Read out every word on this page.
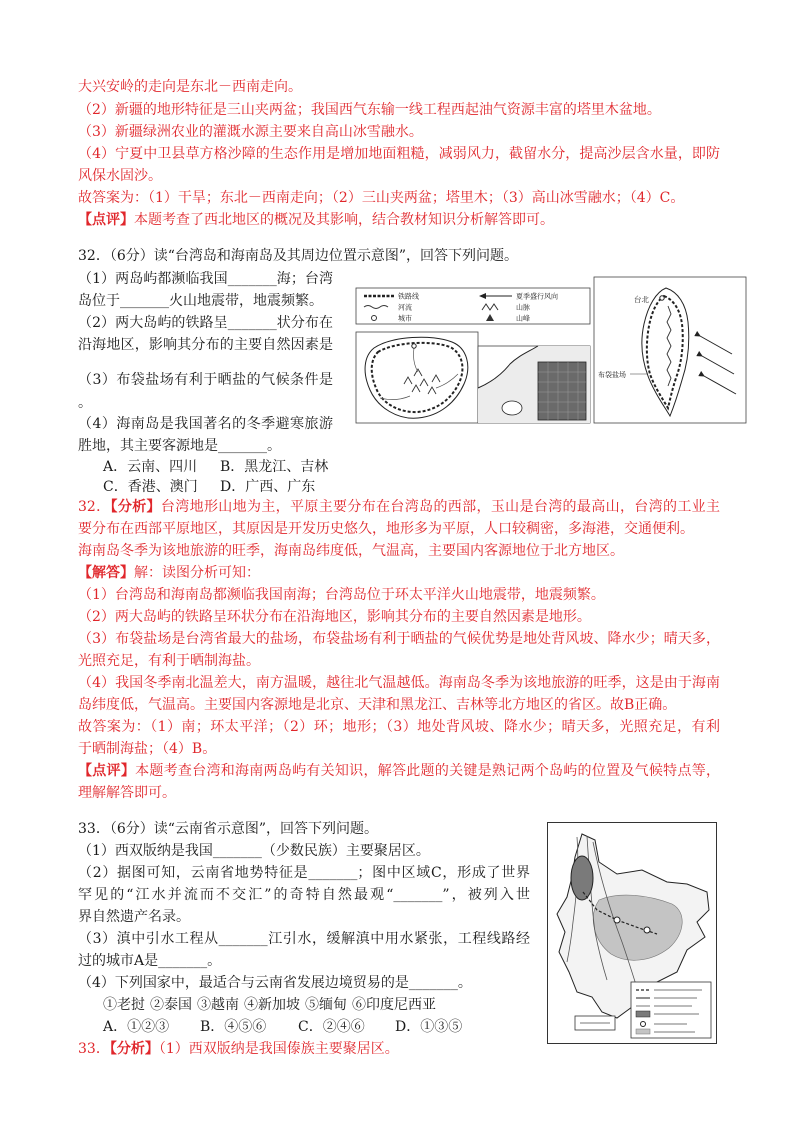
大兴安岭的走向是东北－西南走向。
（2）新疆的地形特征是三山夹两盆；我国西气东输一线工程西起油气资源丰富的塔里木盆地。
（3）新疆绿洲农业的灌溉水源主要来自高山冰雪融水。
（4）宁夏中卫县草方格沙障的生态作用是增加地面粗糙，减弱风力，截留水分，提高沙层含水量，即防
风保水固沙。
故答案为：（1）干旱；东北－西南走向；（2）三山夹两盆；塔里木；（3）高山冰雪融水；（4）C。
【点评】本题考查了西北地区的概况及其影响，结合教材知识分析解答即可。
32．（6分）读“台湾岛和海南岛及其周边位置示意图”，回答下列问题。
（1）两岛屿都濒临我国_______海；台湾
岛位于_______火山地震带，地震频繁。
（2）两大岛屿的铁路呈_______状分布在
沿海地区，影响其分布的主要自然因素是
（3）布袋盐场有利于晒盐的气候条件是
。
（4）海南岛是我国著名的冬季避寒旅游
胜地，其主要客源地是_______。
A．云南、四川 B．黑龙江、吉林
C．香港、澳门 D．广西、广东
铁路线	夏季盛行风向
河流	山脉
城市	山峰
台北
布袋盐场
32．【分析】台湾地形山地为主，平原主要分布在台湾岛的西部，玉山是台湾的最高山，台湾的工业主
要分布在西部平原地区，其原因是开发历史悠久，地形多为平原，人口较稠密，多海港，交通便利。
海南岛冬季为该地旅游的旺季，海南岛纬度低，气温高，主要国内客源地位于北方地区。
【解答】解：读图分析可知：
（1）台湾岛和海南岛都濒临我国南海；台湾岛位于环太平洋火山地震带，地震频繁。
（2）两大岛屿的铁路呈环状分布在沿海地区，影响其分布的主要自然因素是地形。
（3）布袋盐场是台湾省最大的盐场，布袋盐场有利于晒盐的气候优势是地处背风坡、降水少；晴天多，
光照充足，有利于晒制海盐。
（4）我国冬季南北温差大，南方温暖，越往北气温越低。海南岛冬季为该地旅游的旺季，这是由于海南
岛纬度低，气温高。主要国内客源地是北京、天津和黑龙江、吉林等北方地区的省区。故B正确。
故答案为：（1）南；环太平洋；（2）环；地形；（3）地处背风坡、降水少；晴天多，光照充足，有利
于晒制海盐；（4）B。
【点评】本题考查台湾和海南两岛屿有关知识，解答此题的关键是熟记两个岛屿的位置及气候特点等，
理解解答即可。
33．（6分）读“云南省示意图”，回答下列问题。
（1）西双版纳是我国_______（少数民族）主要聚居区。
（2）据图可知，云南省地势特征是_______；图中区域C，形成了世界
罕见的“江水并流而不交汇”的奇特自然最观“_______”，被列入世
界自然遗产名录。
（3）滇中引水工程从_______江引水，缓解滇中用水紧张，工程线路经
过的城市A是_______。
（4）下列国家中，最适合与云南省发展边境贸易的是_______。
①老挝 ②泰国 ③越南 ④新加坡 ⑤缅甸 ⑥印度尼西亚
A．①②③ B．④⑤⑥ C．②④⑥ D．①③⑤
33．【分析】（1）西双版纳是我国傣族主要聚居区。
